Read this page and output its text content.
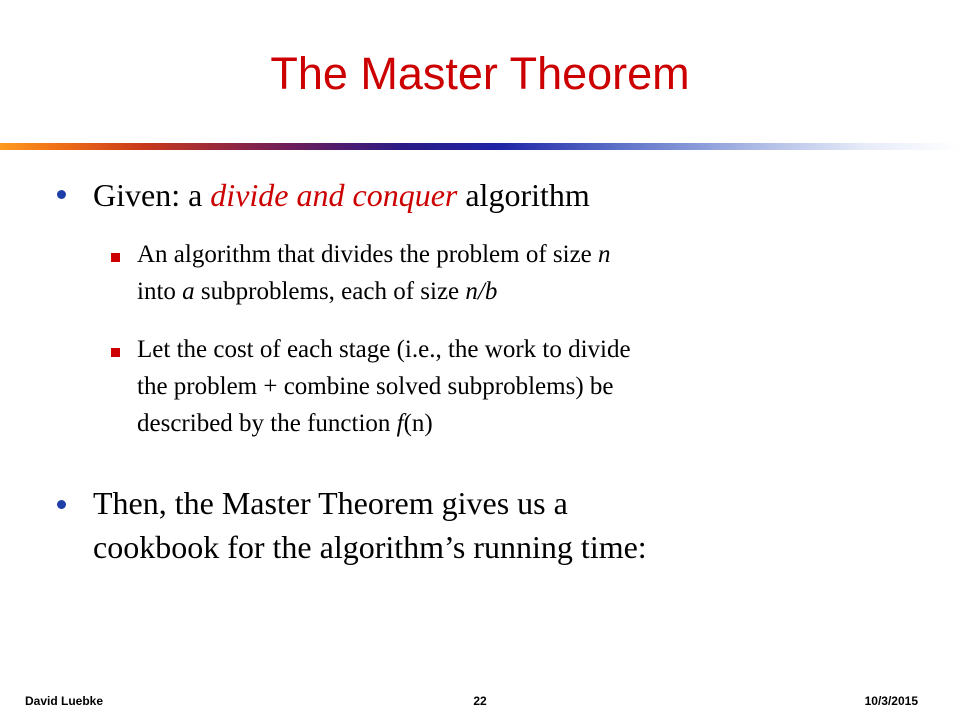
The Master Theorem
Given: a divide and conquer algorithm
An algorithm that divides the problem of size n
into a subproblems, each of size n/b
Let the cost of each stage (i.e., the work to divide
the problem + combine solved subproblems) be
described by the function f(n)
Then, the Master Theorem gives us a
cookbook for the algorithm’s running time:
David Luebke	22	10/3/2015
